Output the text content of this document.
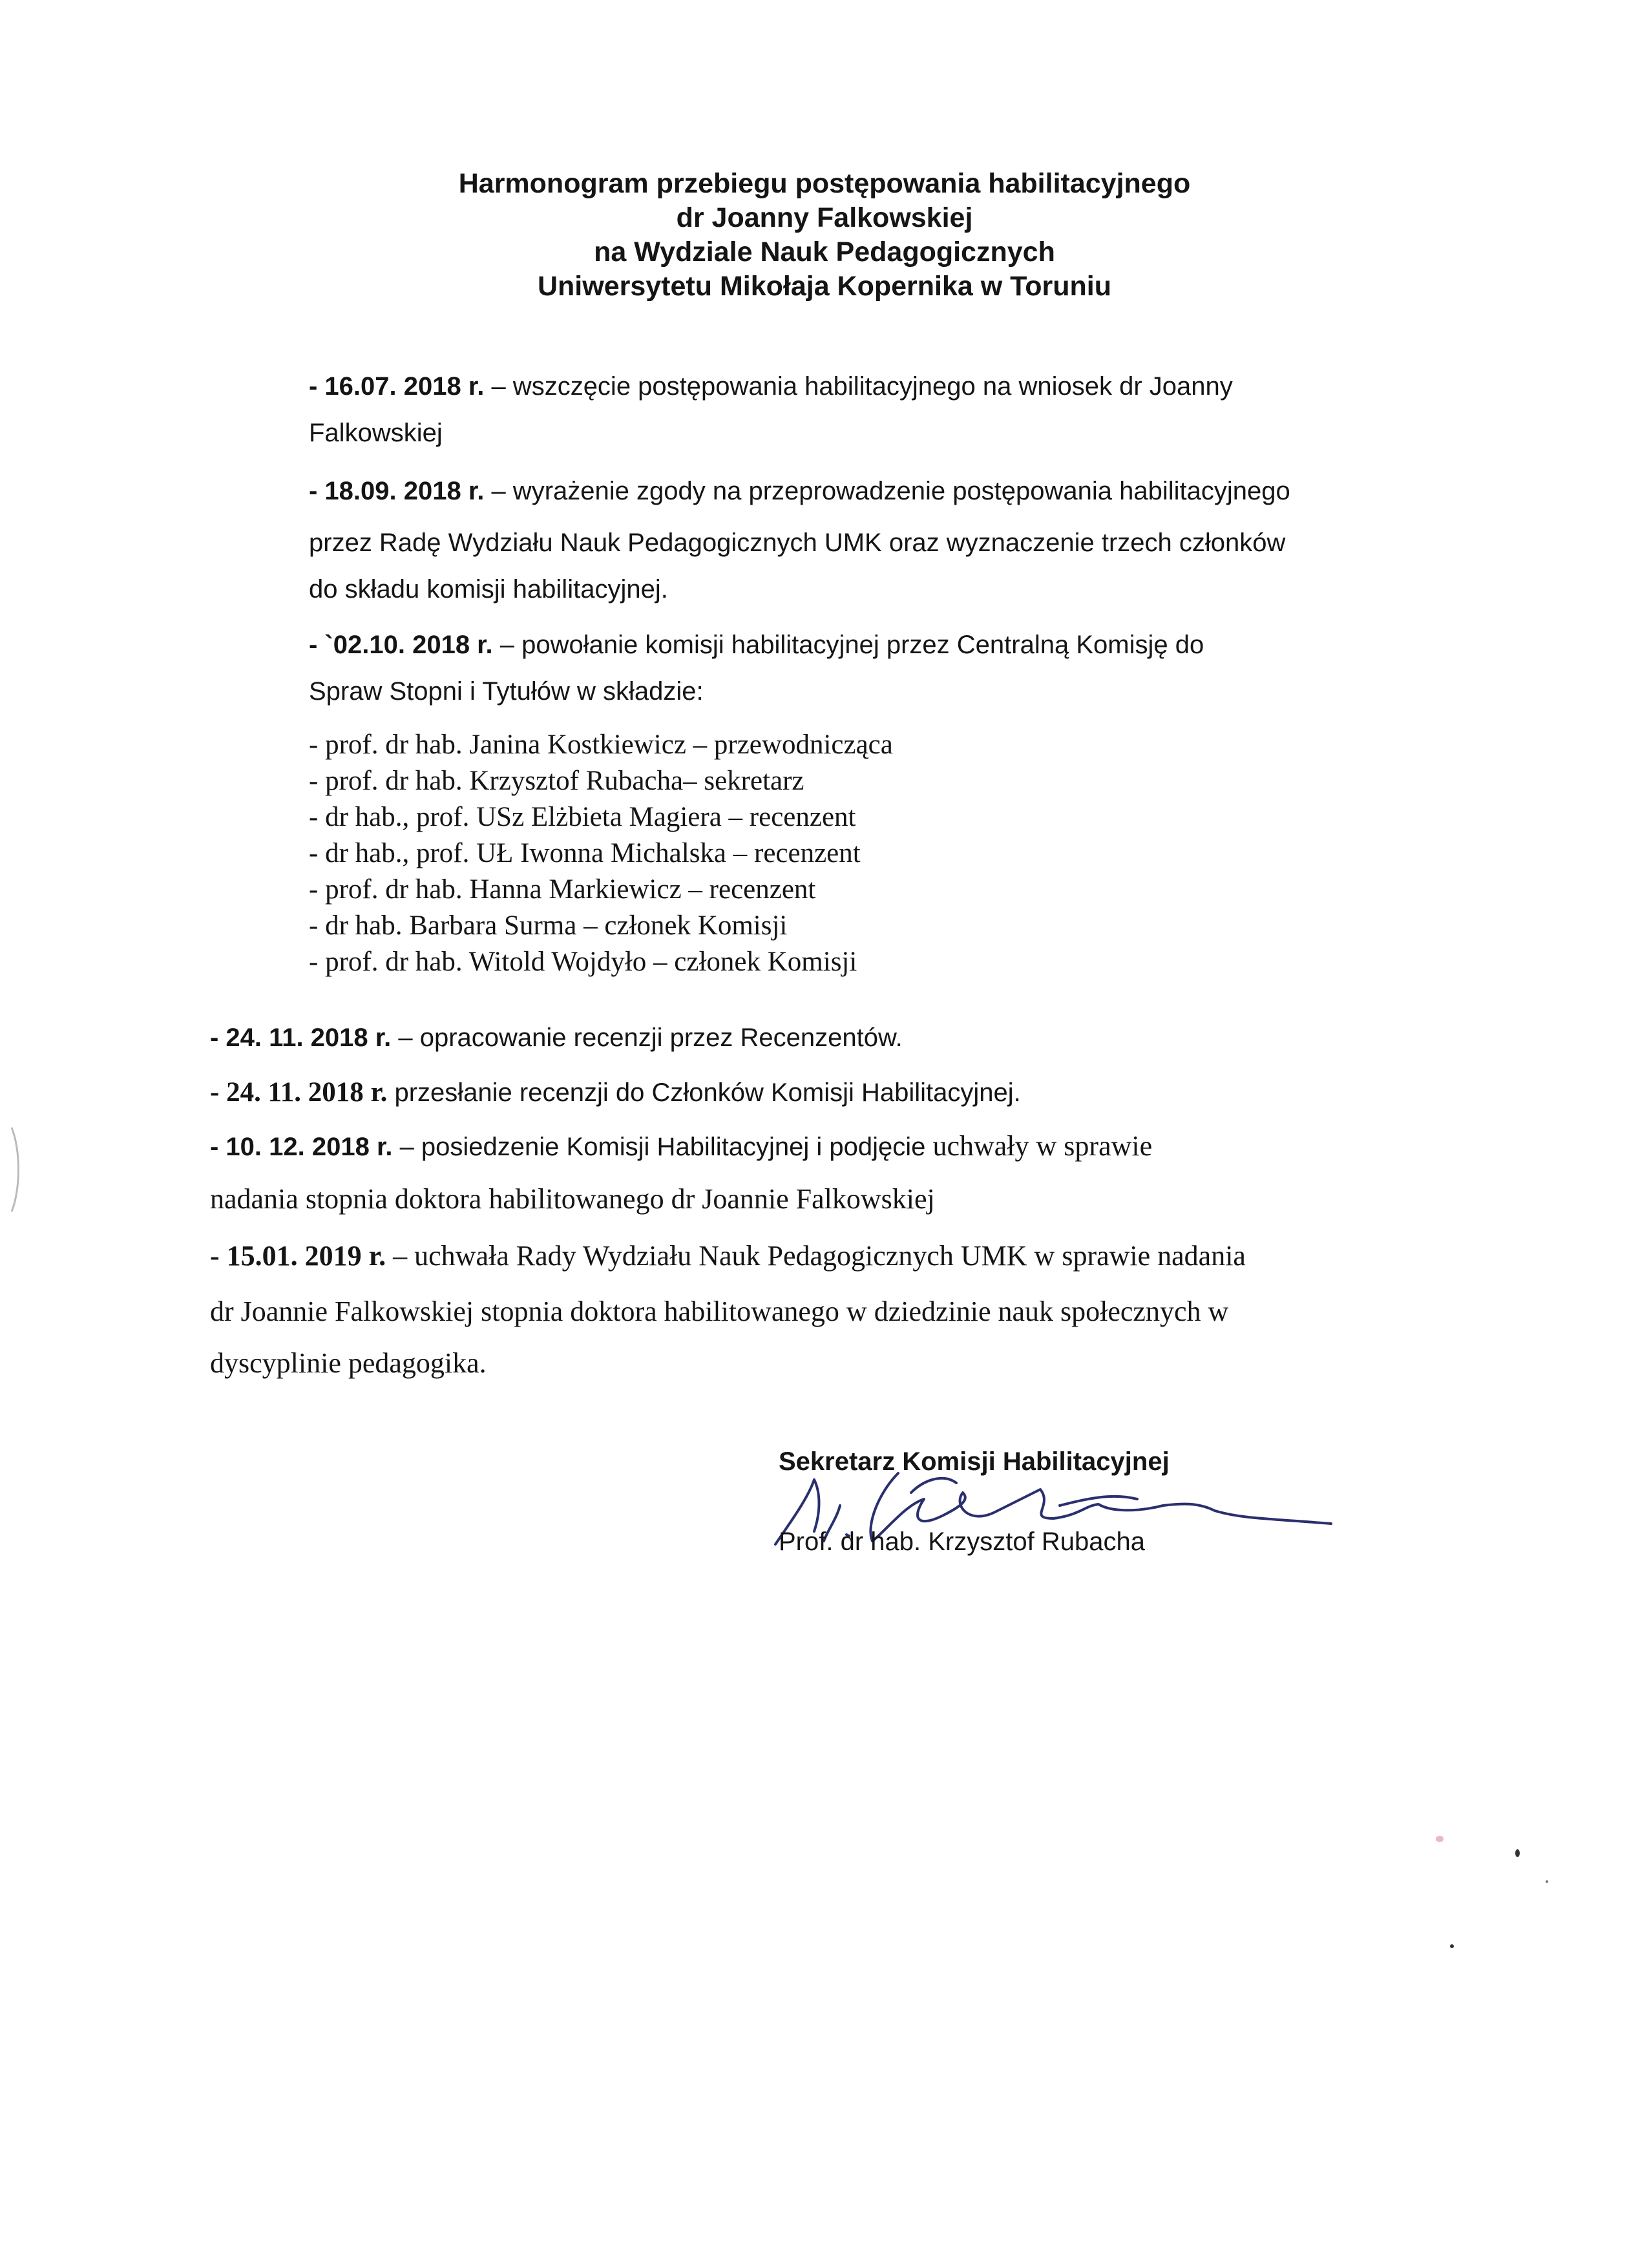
Harmonogram przebiegu postępowania habilitacyjnego
dr Joanny Falkowskiej
na Wydziale Nauk Pedagogicznych
Uniwersytetu Mikołaja Kopernika w Toruniu
- 16.07. 2018 r. – wszczęcie postępowania habilitacyjnego na wniosek dr Joanny
Falkowskiej
- 18.09. 2018 r. – wyrażenie zgody na przeprowadzenie postępowania habilitacyjnego
przez Radę Wydziału Nauk Pedagogicznych UMK oraz wyznaczenie trzech członków
do składu komisji habilitacyjnej.
- `02.10. 2018 r. – powołanie komisji habilitacyjnej przez Centralną Komisję do
Spraw Stopni i Tytułów w składzie:
- prof. dr hab. Janina Kostkiewicz – przewodnicząca
- prof. dr hab. Krzysztof Rubacha– sekretarz
- dr hab., prof. USz Elżbieta Magiera – recenzent
- dr hab., prof. UŁ Iwonna Michalska – recenzent
- prof. dr hab. Hanna Markiewicz – recenzent
- dr hab. Barbara Surma – członek Komisji
- prof. dr hab. Witold Wojdyło – członek Komisji
- 24. 11. 2018 r. – opracowanie recenzji przez Recenzentów.
- 24. 11. 2018 r. przesłanie recenzji do Członków Komisji Habilitacyjnej.
- 10. 12. 2018 r. – posiedzenie Komisji Habilitacyjnej i podjęcie uchwały w sprawie
nadania stopnia doktora habilitowanego dr Joannie Falkowskiej
- 15.01. 2019 r. – uchwała Rady Wydziału Nauk Pedagogicznych UMK w sprawie nadania
dr Joannie Falkowskiej stopnia doktora habilitowanego w dziedzinie nauk społecznych w
dyscyplinie pedagogika.
Sekretarz Komisji Habilitacyjnej
Prof. dr hab. Krzysztof Rubacha
